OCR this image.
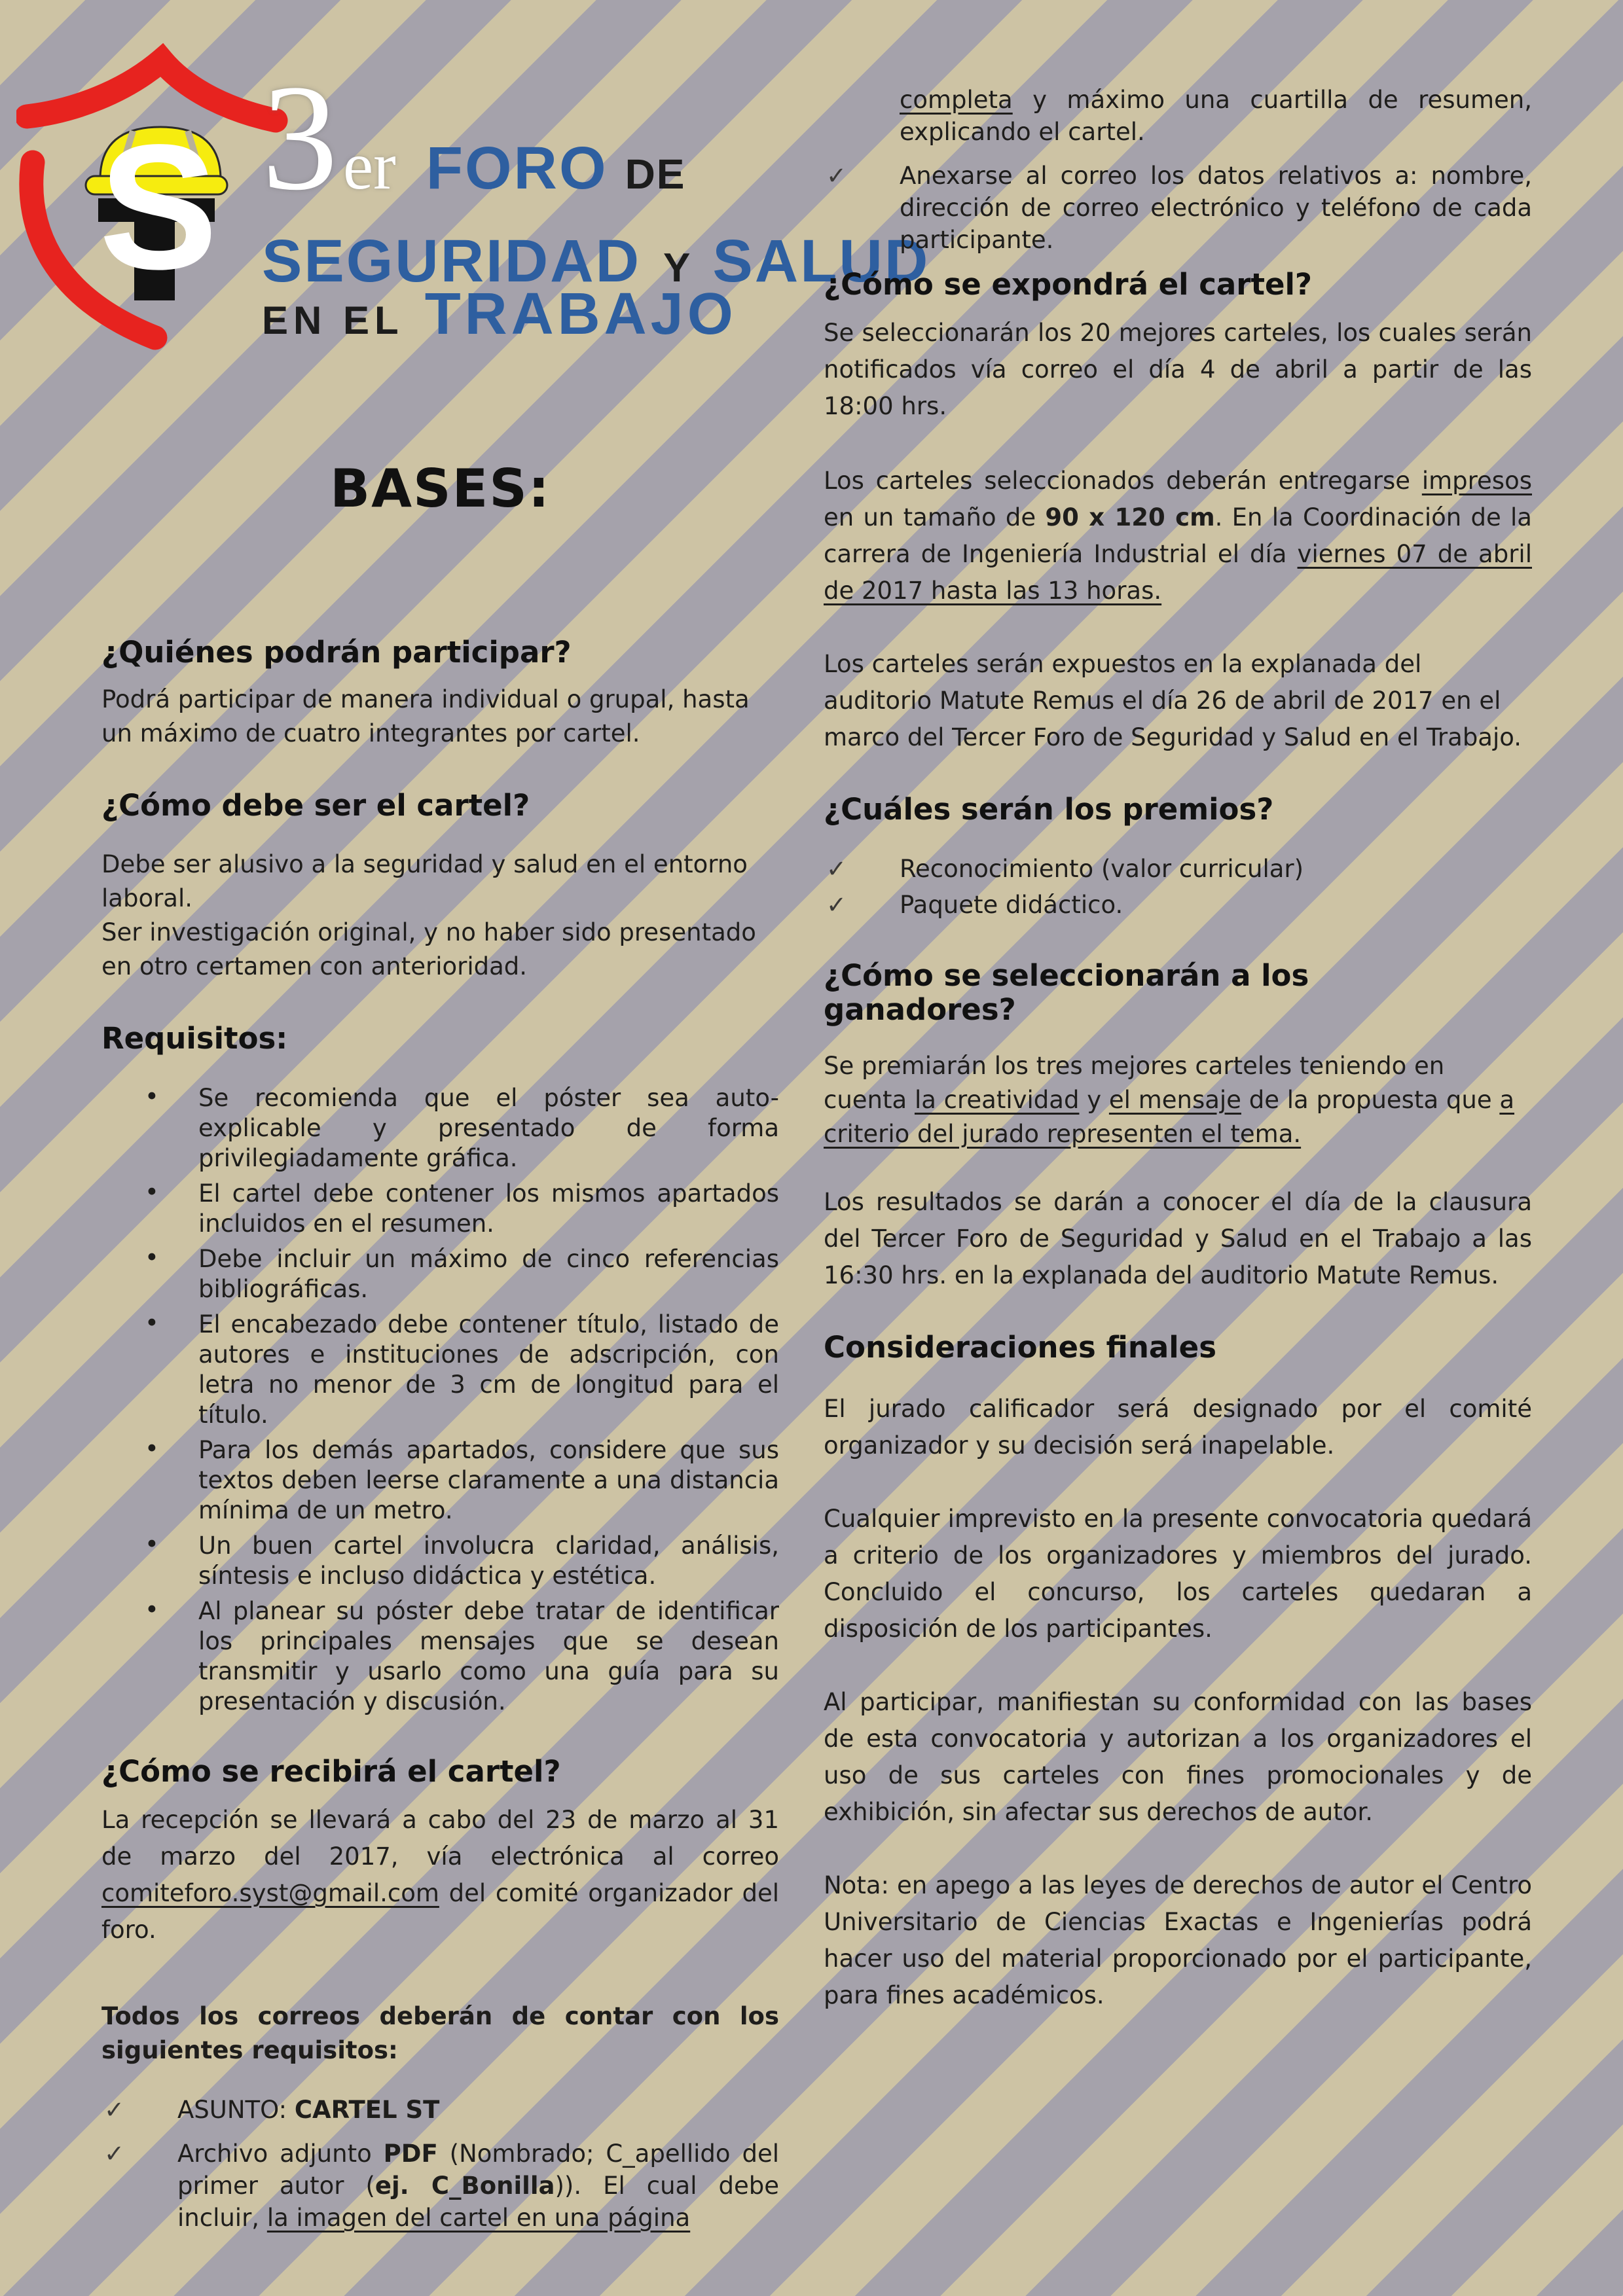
S 3 er FORO DE
SEGURIDAD Y SALUD
EN EL TRABAJO
BASES:
¿Quiénes podrán participar?

Podrá participar de manera individual o grupal, hasta un máximo de cuatro integrantes por cartel.

¿Cómo debe ser el cartel?

Debe ser alusivo a la seguridad y salud en el entorno laboral.

Ser investigación original, y no haber sido presentado en otro certamen con anterioridad.

Requisitos:
• Se recomienda que el póster sea auto-explicable y presentado de forma privilegiadamente gráfica.
• El cartel debe contener los mismos apartados incluidos en el resumen.
• Debe incluir un máximo de cinco referencias bibliográficas.
• El encabezado debe contener título, listado de autores e instituciones de adscripción, con letra no menor de 3 cm de longitud para el título.
• Para los demás apartados, considere que sus textos deben leerse claramente a una distancia mínima de un metro.
• Un buen cartel involucra claridad, análisis, síntesis e incluso didáctica y estética.
• Al planear su póster debe tratar de identificar los principales mensajes que se desean transmitir y usarlo como una guía para su presentación y discusión.
¿Cómo se recibirá el cartel?

La recepción se llevará a cabo del 23 de marzo al 31 de marzo del 2017, vía electrónica al correo comiteforo.syst@gmail.com del comité organizador del foro.

Todos los correos deberán de contar con los siguientes requisitos:

✓ ASUNTO: CARTEL ST
✓ Archivo adjunto PDF (Nombrado; C_apellido del primer autor (ej. C_Bonilla)). El cual debe incluir, la imagen del cartel en una página
completa y máximo una cuartilla de resumen, explicando el cartel.
✓ Anexarse al correo los datos relativos a: nombre, dirección de correo electrónico y teléfono de cada participante.
¿Cómo se expondrá el cartel?

Se seleccionarán los 20 mejores carteles, los cuales serán notificados vía correo el día 4 de abril a partir de las 18:00 hrs.

Los carteles seleccionados deberán entregarse impresos en un tamaño de 90 x 120 cm. En la Coordinación de la carrera de Ingeniería Industrial el día viernes 07 de abril de 2017 hasta las 13 horas.

Los carteles serán expuestos en la explanada del auditorio Matute Remus el día 26 de abril de 2017 en el marco del Tercer Foro de Seguridad y Salud en el Trabajo.

¿Cuáles serán los premios?
✓ Reconocimiento (valor curricular)
✓ Paquete didáctico.
¿Cómo se seleccionarán a los ganadores?

Se premiarán los tres mejores carteles teniendo en cuenta la creatividad y el mensaje de la propuesta que a criterio del jurado representen el tema.

Los resultados se darán a conocer el día de la clausura del Tercer Foro de Seguridad y Salud en el Trabajo a las 16:30 hrs. en la explanada del auditorio Matute Remus.

Consideraciones finales

El jurado calificador será designado por el comité organizador y su decisión será inapelable.

Cualquier imprevisto en la presente convocatoria quedará a criterio de los organizadores y miembros del jurado. Concluido el concurso, los carteles quedaran a disposición de los participantes.

Al participar, manifiestan su conformidad con las bases de esta convocatoria y autorizan a los organizadores el uso de sus carteles con fines promocionales y de exhibición, sin afectar sus derechos de autor.

Nota: en apego a las leyes de derechos de autor el Centro Universitario de Ciencias Exactas e Ingenierías podrá hacer uso del material proporcionado por el participante, para fines académicos.
